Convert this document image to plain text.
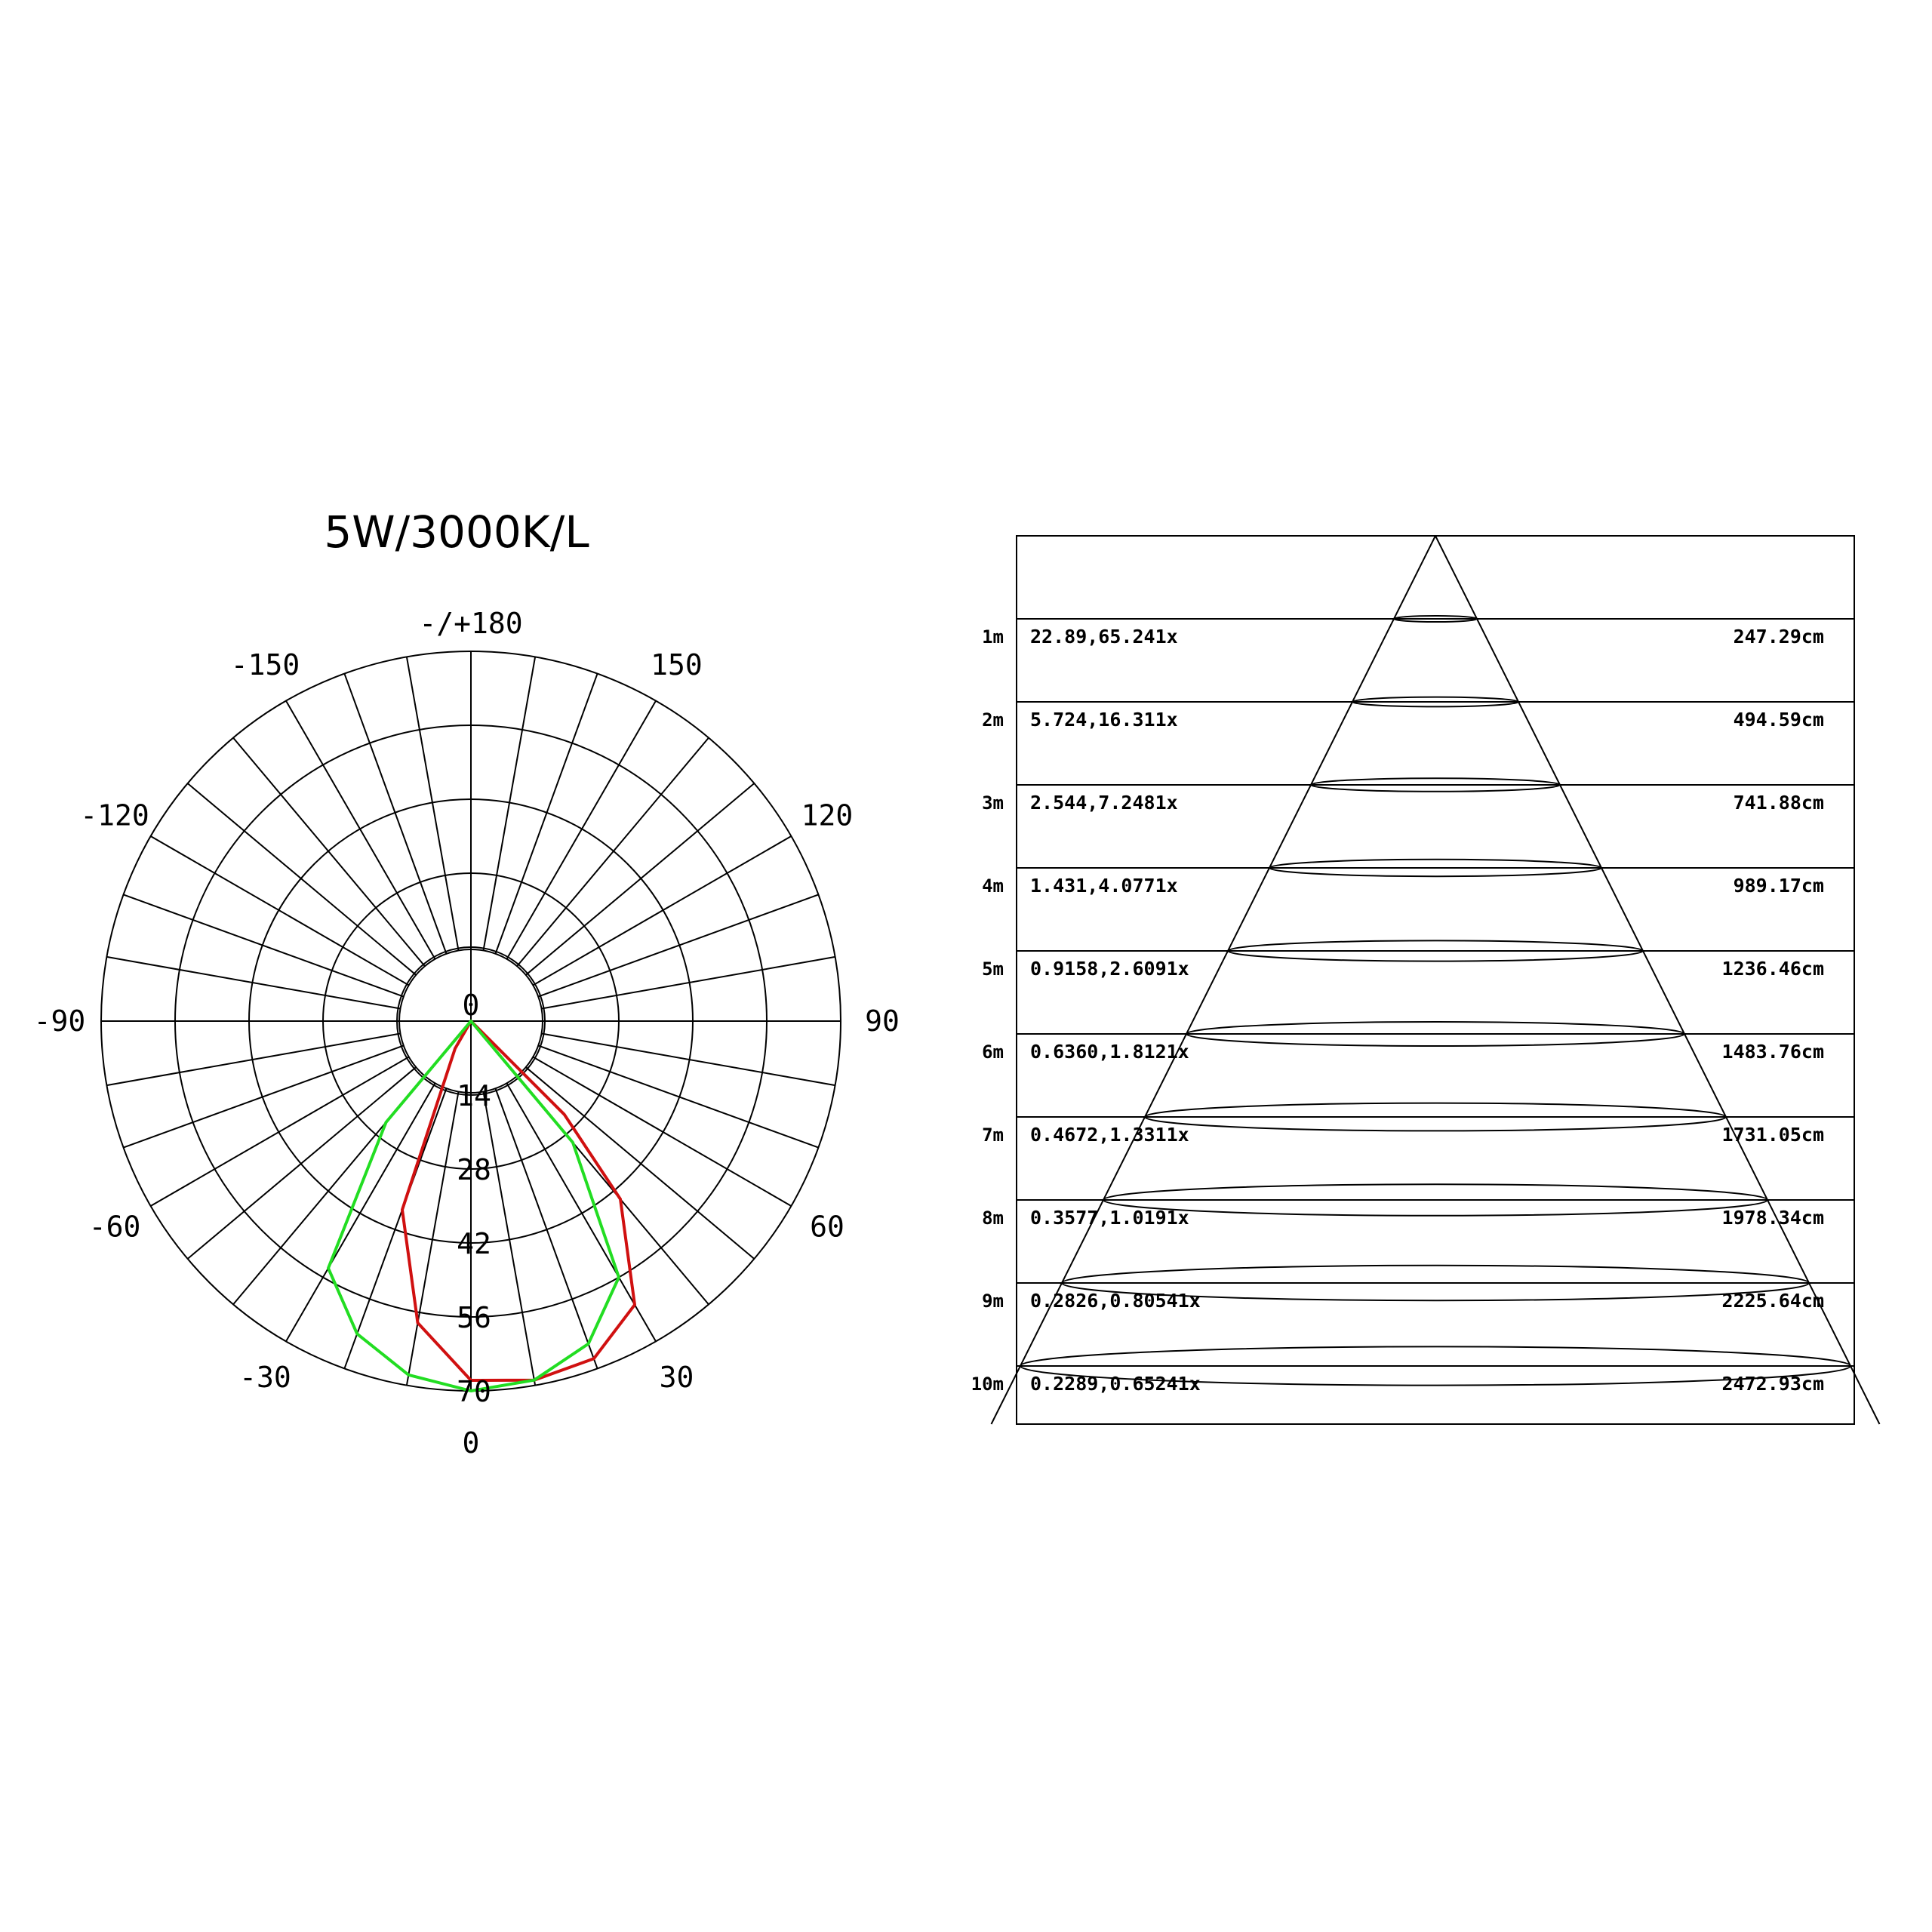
5W/3000K/L
-/+180
150
-150
120
-120
90
-90
60
-60
30
-30
0
0
14
28
42
56
70
1m 22.89,65.241x	247.29cm
2m 5.724,16.311x	494.59cm
3m 2.544,7.2481x	741.88cm
4m 1.431,4.0771x	989.17cm
5m 0.9158,2.6091x	1236.46cm
6m 0.6360,1.8121x	1483.76cm
7m 0.4672,1.3311x	1731.05cm
8m 0.3577,1.0191x	1978.34cm
9m 0.2826,0.80541x	2225.64cm
10m 0.2289,0.65241x	2472.93cm
